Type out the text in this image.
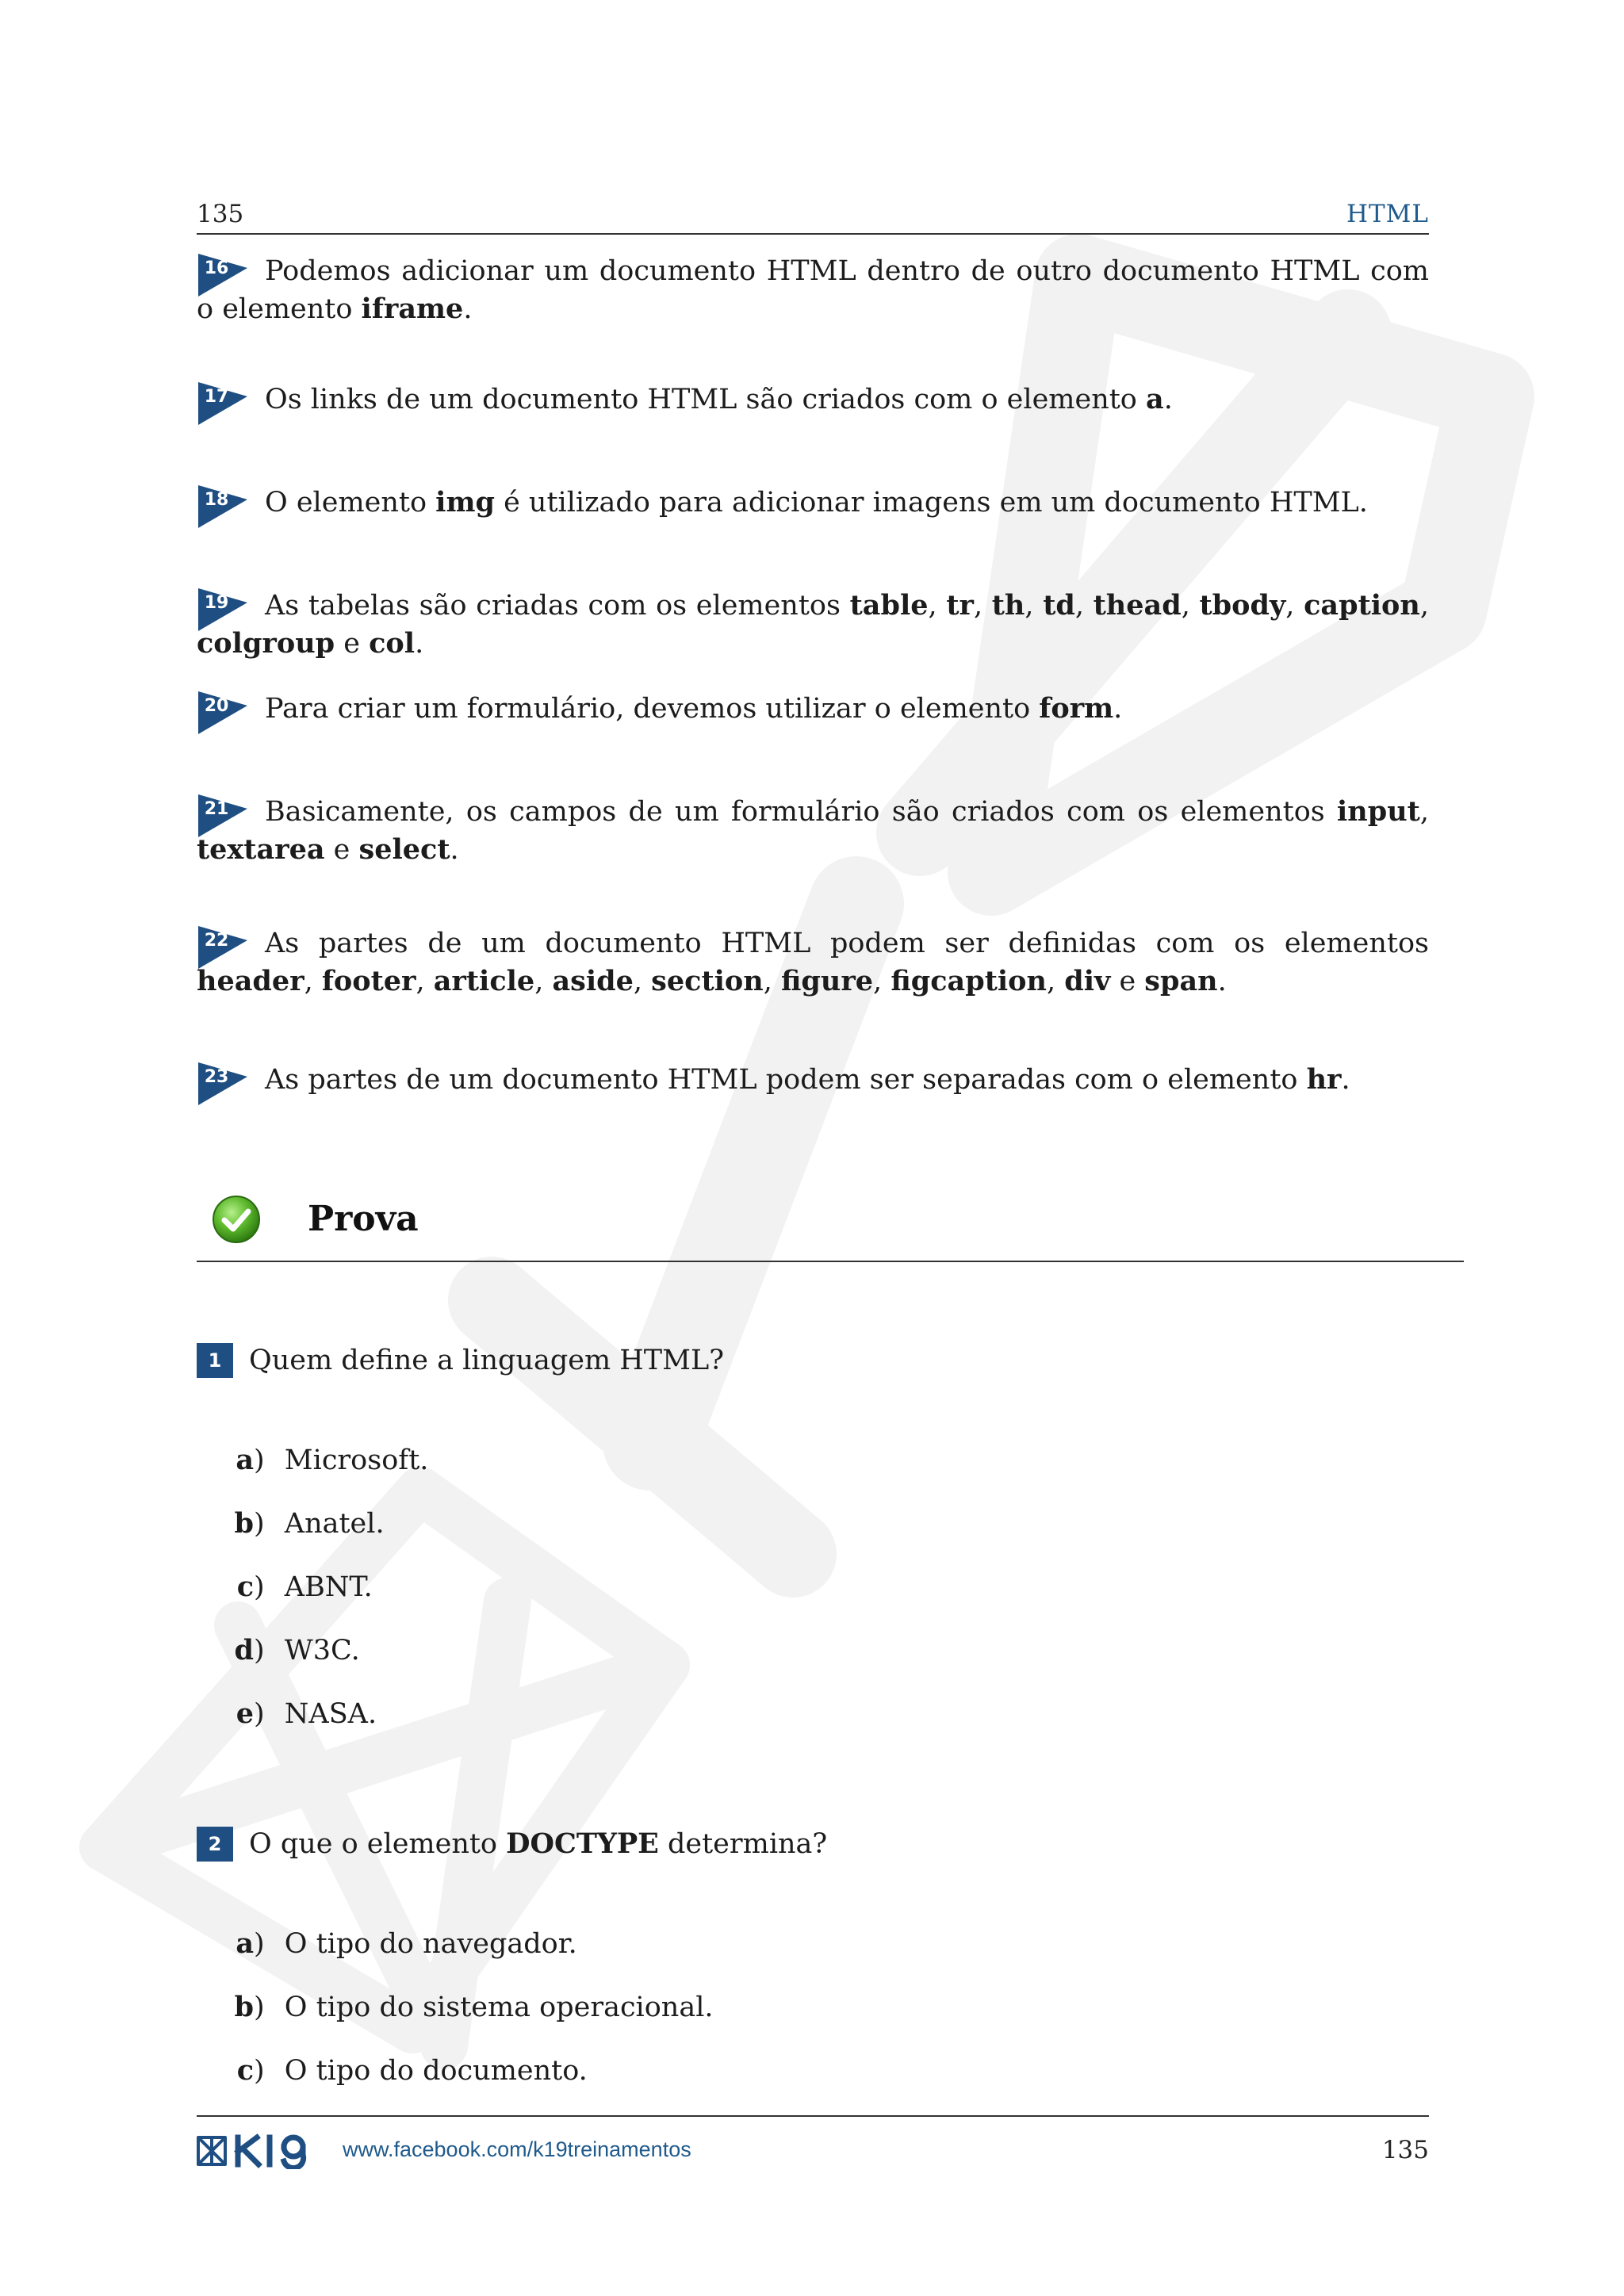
135	HTML
16	Podemos adicionar um documento HTML dentro de outro documento HTML com o elemento iframe.

17	Os links de um documento HTML são criados com o elemento a.

18	O elemento img é utilizado para adicionar imagens em um documento HTML.

19	As tabelas são criadas com os elementos table, tr, th, td, thead, tbody, caption, colgroup e col.

20	Para criar um formulário, devemos utilizar o elemento form.

21	Basicamente, os campos de um formulário são criados com os elementos input, textarea e select.

22	As partes de um documento HTML podem ser definidas com os elementos header, footer, article, aside, section, figure, figcaption, div e span.

23	As partes de um documento HTML podem ser separadas com o elemento hr.

Prova
1 Quem define a linguagem HTML?
a) Microsoft.
b) Anatel.
c) ABNT.
d) W3C.
e) NASA.
2 O que o elemento DOCTYPE determina?
a) O tipo do navegador.
b) O tipo do sistema operacional.
c) O tipo do documento.
www.facebook.com/k19treinamentos	135
